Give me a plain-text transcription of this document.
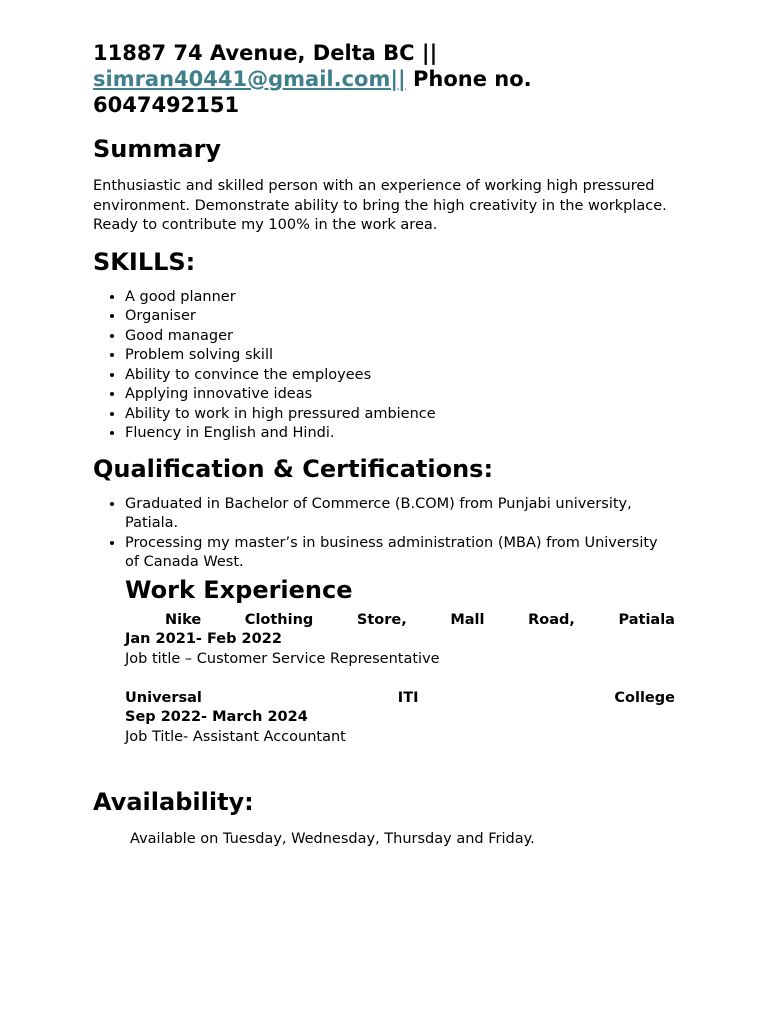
11887 74 Avenue, Delta BC ||
simran40441@gmail.com|| Phone no.
6047492151

Summary

Enthusiastic and skilled person with an experience of working high pressured environment. Demonstrate ability to bring the high creativity in the workplace. Ready to contribute my 100% in the work area.

SKILLS:
• A good planner
• Organiser
• Good manager
• Problem solving skill
• Ability to convince the employees
• Applying innovative ideas
• Ability to work in high pressured ambience
• Fluency in English and Hindi.
Qualification & Certifications:
• Graduated in Bachelor of Commerce (B.COM) from Punjabi university, Patiala.
• Processing my master’s in business administration (MBA) from University of Canada West.
Work Experience
Nike	Clothing	Store,	Mall	Road,	Patiala
Jan 2021- Feb 2022
Job title – Customer Service Representative
Universal	ITI	College
Sep 2022- March 2024
Job Title- Assistant Accountant
Availability:

Available on Tuesday, Wednesday, Thursday and Friday.
